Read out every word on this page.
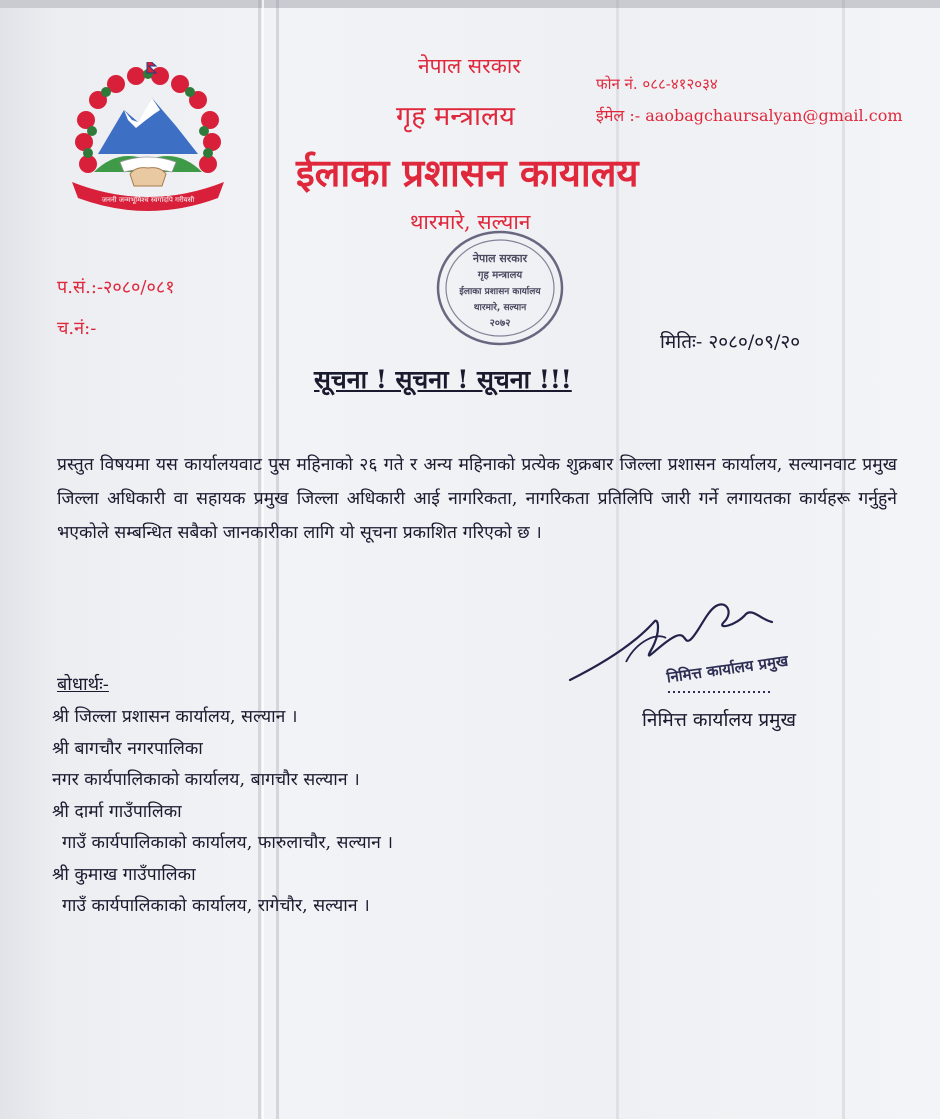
जननी जन्मभूमिश्च स्वर्गादपि गरीयसी
नेपाल सरकार
गृह मन्त्रालय
ईलाका प्रशासन कायालय
थारमारे, सल्यान
फोन नं. ०८८-४१२०३४
ईमेल :- aaobagchaursalyan@gmail.com
प.सं.:-२०८०/०८१
च.नं:-
नेपाल सरकार
गृह मन्त्रालय
ईलाका प्रशासन कार्यालय
थारमारे, सल्यान
२०७२
मितिः- २०८०/०९/२०
सूचना ! सूचना ! सूचना !!!
प्रस्तुत विषयमा यस कार्यालयवाट पुस महिनाको २६ गते र अन्य महिनाको प्रत्येक शुक्रबार जिल्ला प्रशासन कार्यालय, सल्यानवाट प्रमुख जिल्ला अधिकारी वा सहायक प्रमुख जिल्ला अधिकारी आई नागरिकता, नागरिकता प्रतिलिपि जारी गर्ने लगायतका कार्यहरू गर्नुहुने भएकोले सम्बन्धित सबैको जानकारीका लागि यो सूचना प्रकाशित गरिएको छ ।
निमित्त कार्यालय प्रमुख
निमित्त कार्यालय प्रमुख
बोधार्थः-
श्री जिल्ला प्रशासन कार्यालय, सल्यान ।
श्री बागचौर नगरपालिका
नगर कार्यपालिकाको कार्यालय, बागचौर सल्यान ।
श्री दार्मा गाउँपालिका
गाउँ कार्यपालिकाको कार्यालय, फारुलाचौर, सल्यान ।
श्री कुमाख गाउँपालिका
गाउँ कार्यपालिकाको कार्यालय, रागेचौर, सल्यान ।
